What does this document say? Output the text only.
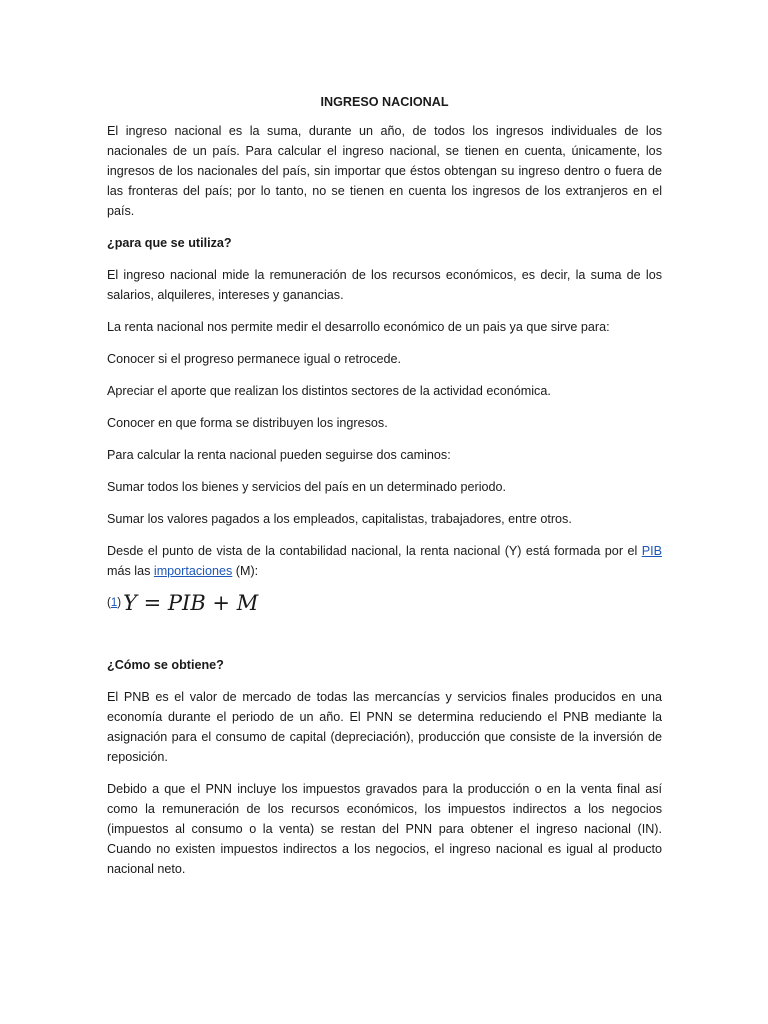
INGRESO NACIONAL

El ingreso nacional es la suma, durante un año, de todos los ingresos individuales de los nacionales de un país. Para calcular el ingreso nacional, se tienen en cuenta, únicamente, los ingresos de los nacionales del país, sin importar que éstos obtengan su ingreso dentro o fuera de las fronteras del país; por lo tanto, no se tienen en cuenta los ingresos de los extranjeros en el país.

¿para que se utiliza?

El ingreso nacional mide la remuneración de los recursos económicos, es decir, la suma de los salarios, alquileres, intereses y ganancias.

La renta nacional nos permite medir el desarrollo económico de un pais ya que sirve para:

Conocer si el progreso permanece igual o retrocede.

Apreciar el aporte que realizan los distintos sectores de la actividad económica.

Conocer en que forma se distribuyen los ingresos.

Para calcular la renta nacional pueden seguirse dos caminos:

Sumar todos los bienes y servicios del país en un determinado periodo.

Sumar los valores pagados a los empleados, capitalistas, trabajadores, entre otros.

Desde el punto de vista de la contabilidad nacional, la renta nacional (Y) está formada por el PIB más las importaciones (M):

(1) Y = PIB + M

¿Cómo se obtiene?

El PNB es el valor de mercado de todas las mercancías y servicios finales producidos en una economía durante el periodo de un año. El PNN se determina reduciendo el PNB mediante la asignación para el consumo de capital (depreciación), producción que consiste de la inversión de reposición.

Debido a que el PNN incluye los impuestos gravados para la producción o en la venta final así como la remuneración de los recursos económicos, los impuestos indirectos a los negocios (impuestos al consumo o la venta) se restan del PNN para obtener el ingreso nacional (IN). Cuando no existen impuestos indirectos a los negocios, el ingreso nacional es igual al producto nacional neto.
